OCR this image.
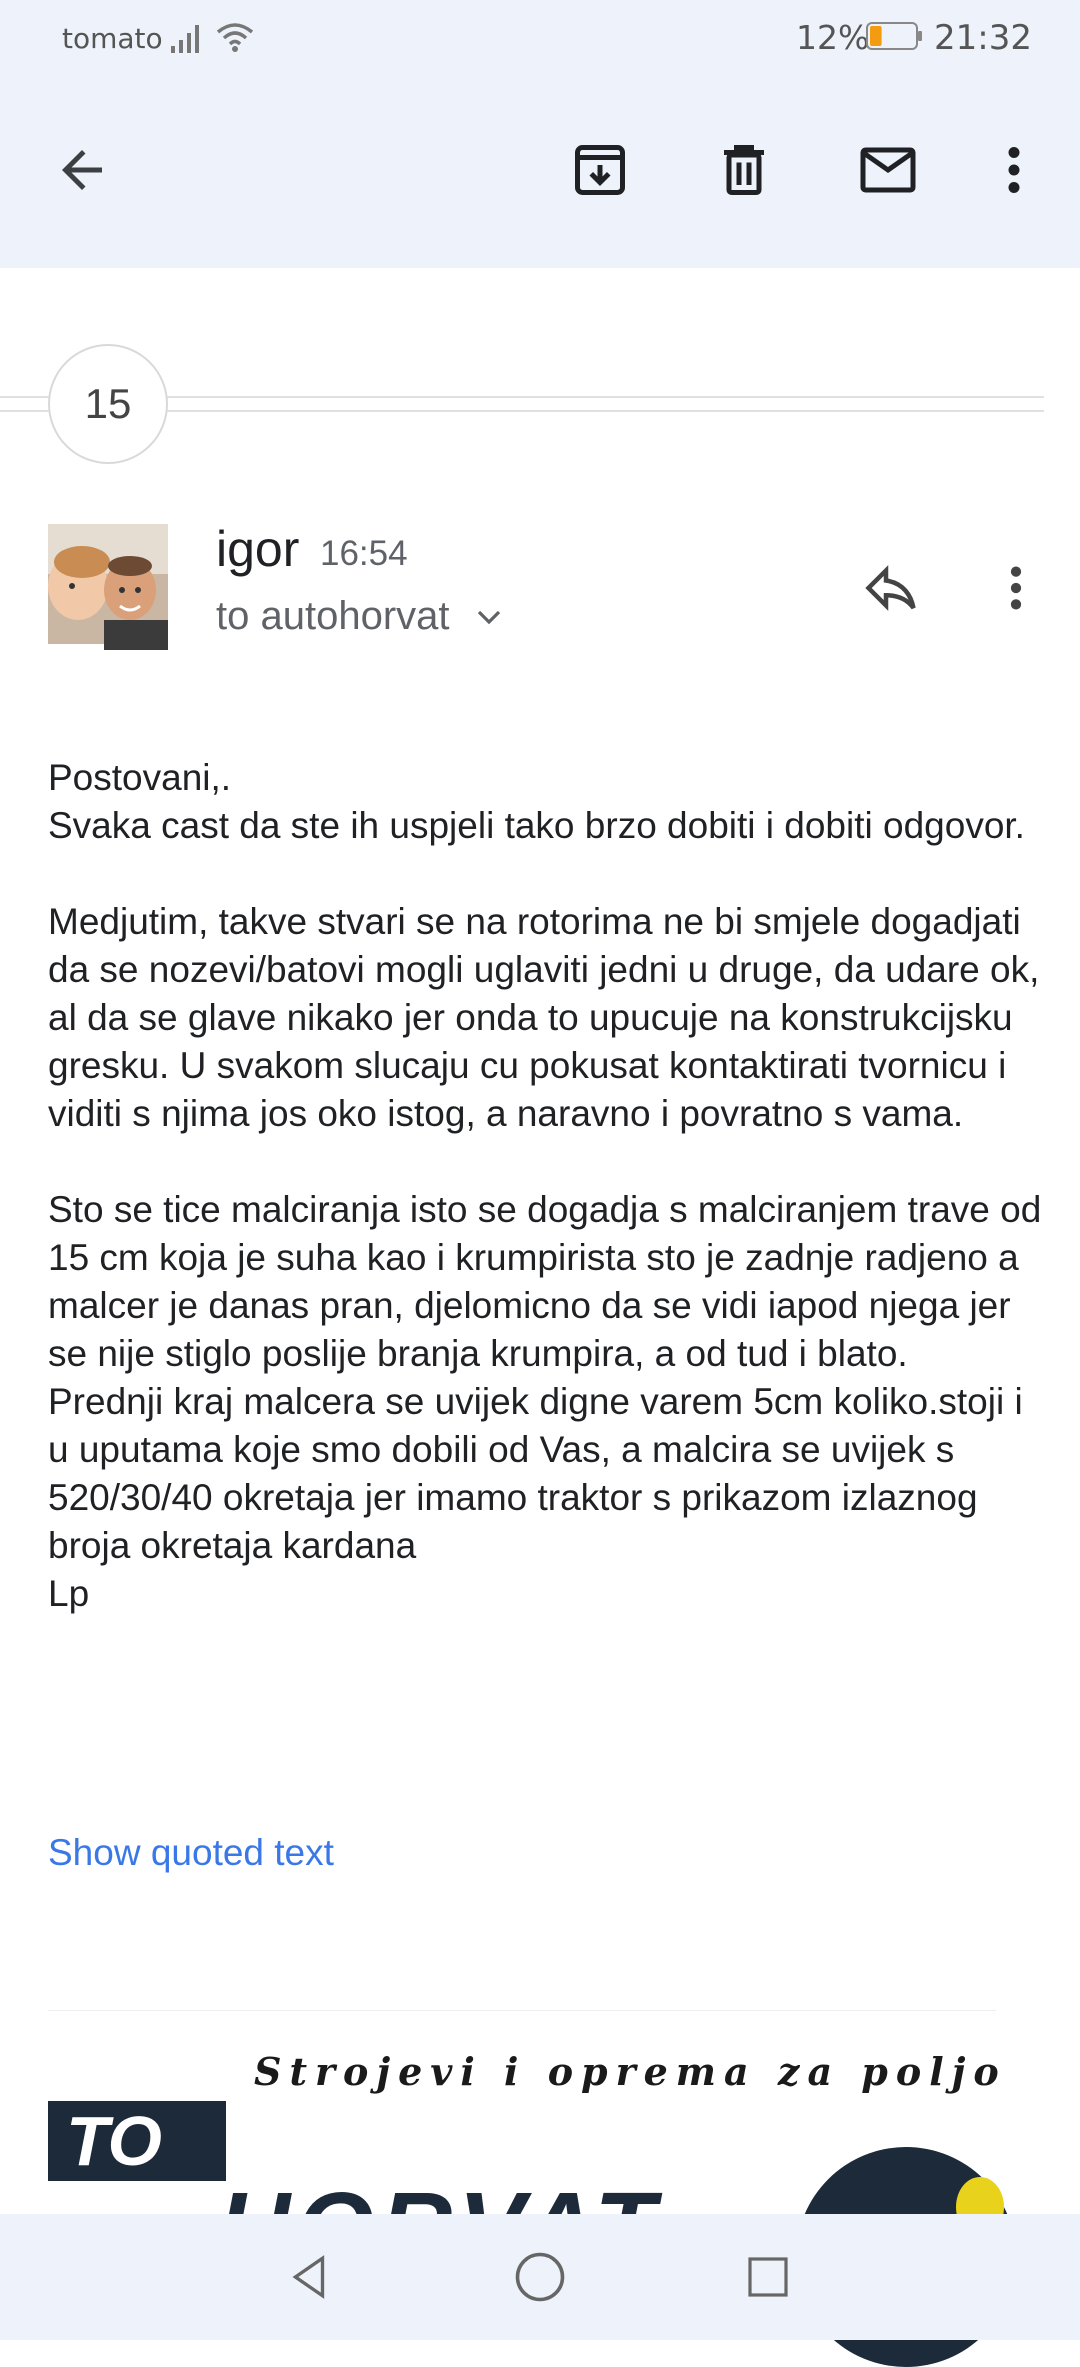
tomato	12% 21:32
15
igor 16:54
to autohorvat
Postovani,.
Svaka cast da ste ih uspjeli tako brzo dobiti i dobiti odgovor.

Medjutim, takve stvari se na rotorima ne bi smjele dogadjati da se nozevi/batovi mogli uglaviti jedni u druge, da udare ok, al da se glave nikako jer onda to upucuje na konstrukcijsku gresku. U svakom slucaju cu pokusat kontaktirati tvornicu i viditi s njima jos oko istog, a naravno i povratno s vama.

Sto se tice malciranja isto se dogadja s malciranjem trave od 15 cm koja je suha kao i krumpirista sto je zadnje radjeno a malcer je danas pran, djelomicno da se vidi iapod njega jer se nije stiglo poslije branja krumpira, a od tud i blato.
Prednji kraj malcera se uvijek digne varem 5cm koliko.stoji i u uputama koje smo dobili od Vas, a malcira se uvijek s 520/30/40 okretaja jer imamo traktor s prikazom izlaznog broja okretaja kardana
Lp
Show quoted text
Strojevi i oprema za poljo
TO
